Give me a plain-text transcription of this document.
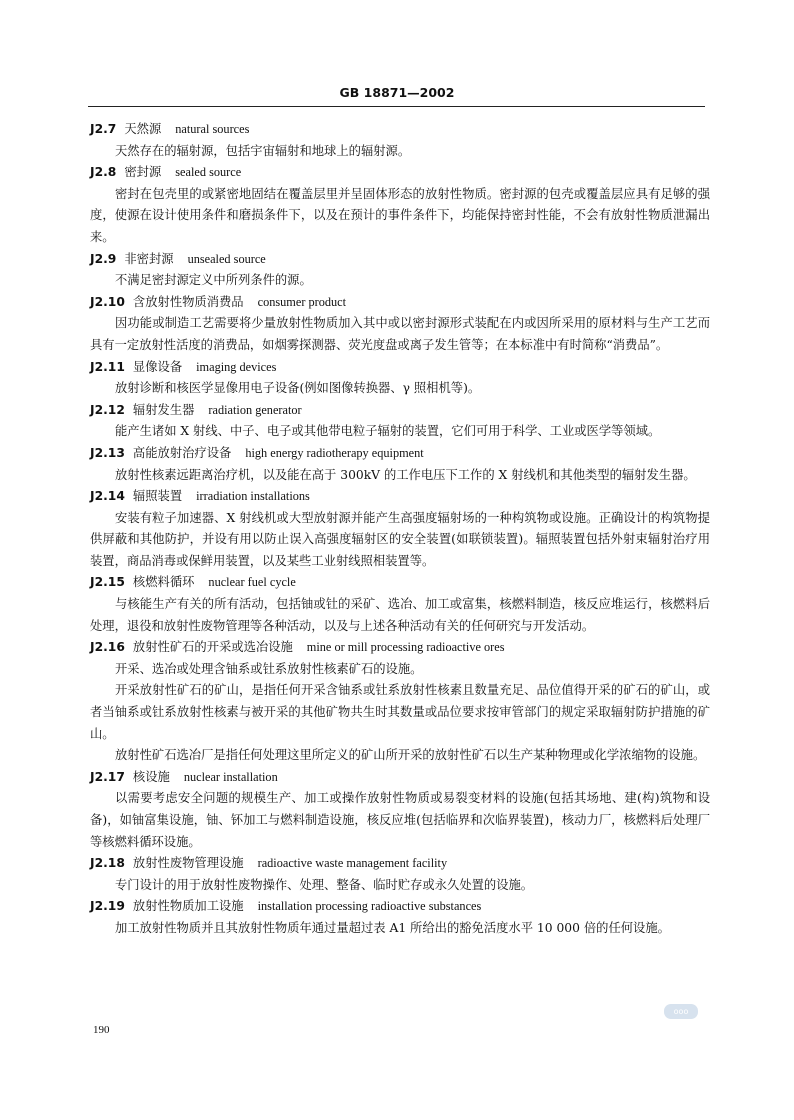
GB 18871—2002

J2.7 天然源 natural sources

天然存在的辐射源，包括宇宙辐射和地球上的辐射源。

J2.8 密封源 sealed source

密封在包壳里的或紧密地固结在覆盖层里并呈固体形态的放射性物质。密封源的包壳或覆盖层应具有足够的强度，使源在设计使用条件和磨损条件下，以及在预计的事件条件下，均能保持密封性能，不会有放射性物质泄漏出来。

J2.9 非密封源 unsealed source

不满足密封源定义中所列条件的源。

J2.10 含放射性物质消费品 consumer product

因功能或制造工艺需要将少量放射性物质加入其中或以密封源形式装配在内或因所采用的原材料与生产工艺而具有一定放射性活度的消费品，如烟雾探测器、荧光度盘或离子发生管等；在本标准中有时简称“消费品”。

J2.11 显像设备 imaging devices

放射诊断和核医学显像用电子设备(例如图像转换器、γ 照相机等)。

J2.12 辐射发生器 radiation generator

能产生诸如 X 射线、中子、电子或其他带电粒子辐射的装置，它们可用于科学、工业或医学等领域。

J2.13 高能放射治疗设备 high energy radiotherapy equipment

放射性核素远距离治疗机，以及能在高于 300kV 的工作电压下工作的 X 射线机和其他类型的辐射发生器。

J2.14 辐照装置 irradiation installations

安装有粒子加速器、X 射线机或大型放射源并能产生高强度辐射场的一种构筑物或设施。正确设计的构筑物提供屏蔽和其他防护，并设有用以防止误入高强度辐射区的安全装置(如联锁装置)。辐照装置包括外射束辐射治疗用装置，商品消毒或保鲜用装置，以及某些工业射线照相装置等。

J2.15 核燃料循环 nuclear fuel cycle

与核能生产有关的所有活动，包括铀或钍的采矿、选冶、加工或富集，核燃料制造，核反应堆运行，核燃料后处理，退役和放射性废物管理等各种活动，以及与上述各种活动有关的任何研究与开发活动。

J2.16 放射性矿石的开采或选冶设施 mine or mill processing radioactive ores

开采、选冶或处理含铀系或钍系放射性核素矿石的设施。

开采放射性矿石的矿山，是指任何开采含铀系或钍系放射性核素且数量充足、品位值得开采的矿石的矿山，或者当铀系或钍系放射性核素与被开采的其他矿物共生时其数量或品位要求按审管部门的规定采取辐射防护措施的矿山。

放射性矿石选冶厂是指任何处理这里所定义的矿山所开采的放射性矿石以生产某种物理或化学浓缩物的设施。

J2.17 核设施 nuclear installation

以需要考虑安全问题的规模生产、加工或操作放射性物质或易裂变材料的设施(包括其场地、建(构)筑物和设备)，如铀富集设施，铀、钚加工与燃料制造设施，核反应堆(包括临界和次临界装置)，核动力厂，核燃料后处理厂等核燃料循环设施。

J2.18 放射性废物管理设施 radioactive waste management facility

专门设计的用于放射性废物操作、处理、整备、临时贮存或永久处置的设施。

J2.19 放射性物质加工设施 installation processing radioactive substances

加工放射性物质并且其放射性物质年通过量超过表 A1 所给出的豁免活度水平 10 000 倍的任何设施。

190
ooo
